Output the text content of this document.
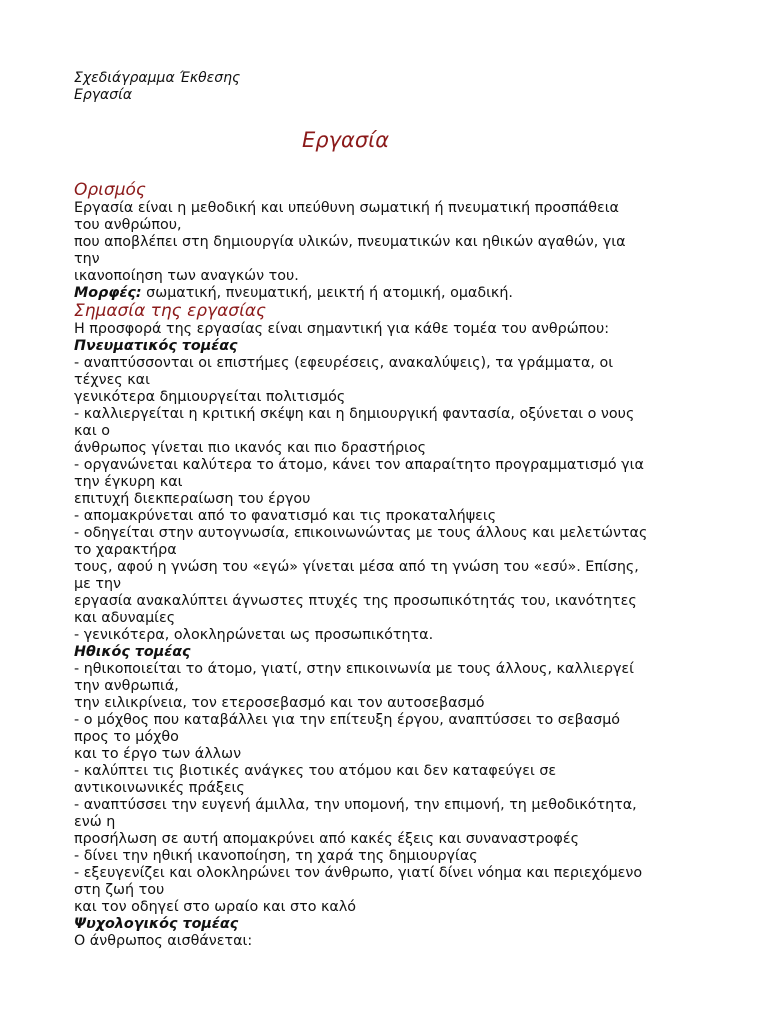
Σχεδιάγραμμα Έκθεσης
Εργασία
Εργασία
Ορισμός
Εργασία είναι η μεθοδική και υπεύθυνη σωματική ή πνευματική προσπάθεια
του ανθρώπου,
που αποβλέπει στη δημιουργία υλικών, πνευματικών και ηθικών αγαθών, για
την
ικανοποίηση των αναγκών του.
Μορφές: σωματική, πνευματική, μεικτή ή ατομική, ομαδική.
Σημασία της εργασίας
Η προσφορά της εργασίας είναι σημαντική για κάθε τομέα του ανθρώπου:
Πνευματικός τομέας
- αναπτύσσονται οι επιστήμες (εφευρέσεις, ανακαλύψεις), τα γράμματα, οι
τέχνες και
γενικότερα δημιουργείται πολιτισμός
- καλλιεργείται η κριτική σκέψη και η δημιουργική φαντασία, οξύνεται ο νους
και ο
άνθρωπος γίνεται πιο ικανός και πιο δραστήριος
- οργανώνεται καλύτερα το άτομο, κάνει τον απαραίτητο προγραμματισμό για
την έγκυρη και
επιτυχή διεκπεραίωση του έργου
- απομακρύνεται από το φανατισμό και τις προκαταλήψεις
- οδηγείται στην αυτογνωσία, επικοινωνώντας με τους άλλους και μελετώντας
το χαρακτήρα
τους, αφού η γνώση του «εγώ» γίνεται μέσα από τη γνώση του «εσύ». Επίσης,
με την
εργασία ανακαλύπτει άγνωστες πτυχές της προσωπικότητάς του, ικανότητες
και αδυναμίες
- γενικότερα, ολοκληρώνεται ως προσωπικότητα.
Ηθικός τομέας
- ηθικοποιείται το άτομο, γιατί, στην επικοινωνία με τους άλλους, καλλιεργεί
την ανθρωπιά,
την ειλικρίνεια, τον ετεροσεβασμό και τον αυτοσεβασμό
- ο μόχθος που καταβάλλει για την επίτευξη έργου, αναπτύσσει το σεβασμό
προς το μόχθο
και το έργο των άλλων
- καλύπτει τις βιοτικές ανάγκες του ατόμου και δεν καταφεύγει σε
αντικοινωνικές πράξεις
- αναπτύσσει την ευγενή άμιλλα, την υπομονή, την επιμονή, τη μεθοδικότητα,
ενώ η
προσήλωση σε αυτή απομακρύνει από κακές έξεις και συναναστροφές
- δίνει την ηθική ικανοποίηση, τη χαρά της δημιουργίας
- εξευγενίζει και ολοκληρώνει τον άνθρωπο, γιατί δίνει νόημα και περιεχόμενο
στη ζωή του
και τον οδηγεί στο ωραίο και στο καλό
Ψυχολογικός τομέας
Ο άνθρωπος αισθάνεται:
